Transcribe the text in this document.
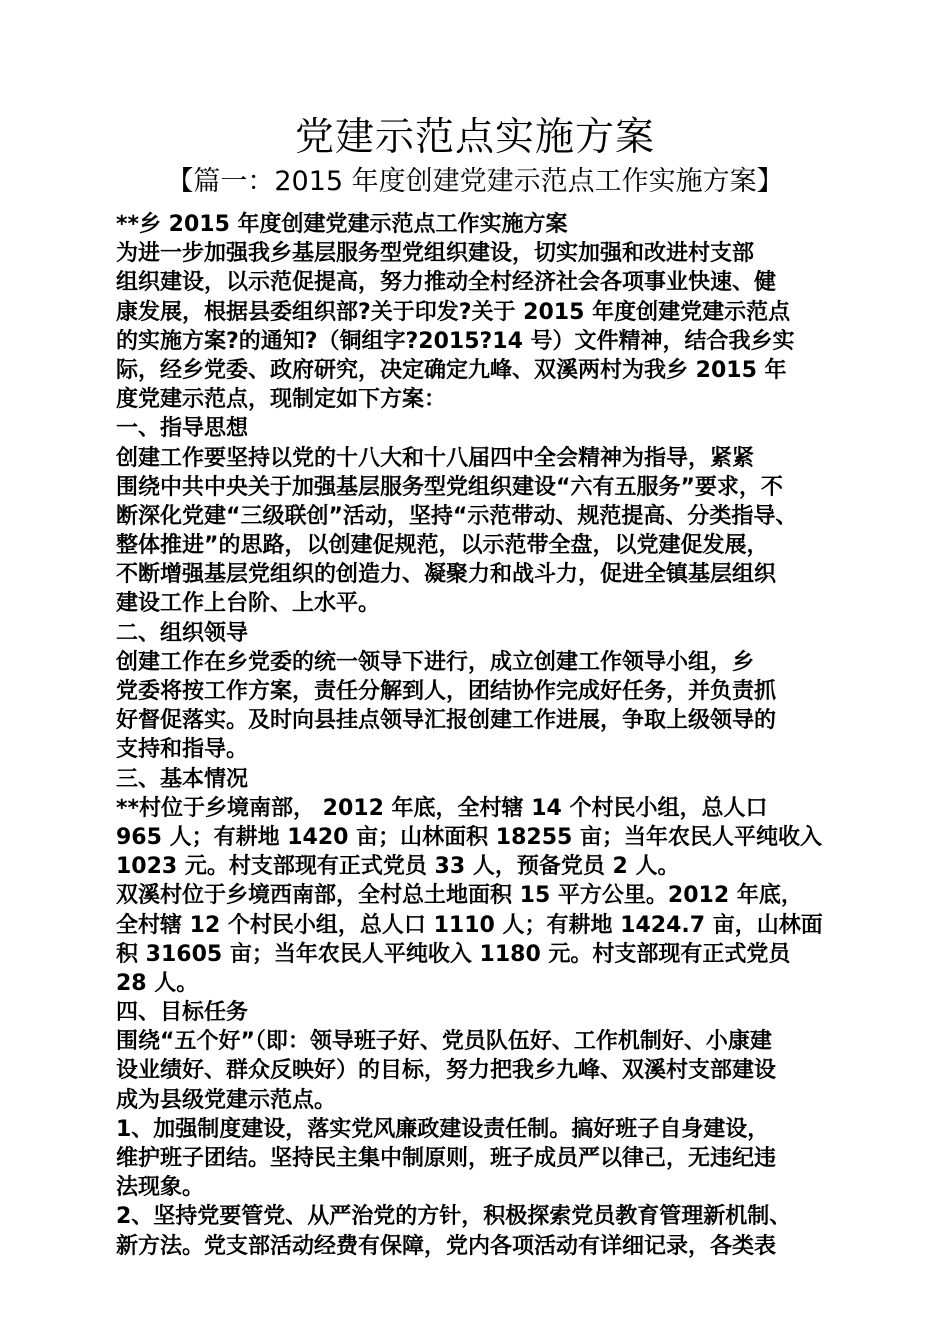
党建示范点实施方案
【篇一：2015 年度创建党建示范点工作实施方案】
**乡 2015 年度创建党建示范点工作实施方案
为进一步加强我乡基层服务型党组织建设，切实加强和改进村支部
组织建设，以示范促提高，努力推动全村经济社会各项事业快速、健
康发展，根据县委组织部?关于印发?关于 2015 年度创建党建示范点
的实施方案?的通知?（铜组字?2015?14 号）文件精神，结合我乡实
际，经乡党委、政府研究，决定确定九峰、双溪两村为我乡 2015 年
度党建示范点，现制定如下方案：
一、指导思想
创建工作要坚持以党的十八大和十八届四中全会精神为指导，紧紧
围绕中共中央关于加强基层服务型党组织建设“六有五服务”要求，不
断深化党建“三级联创”活动，坚持“示范带动、规范提高、分类指导、
整体推进”的思路，以创建促规范，以示范带全盘，以党建促发展，
不断增强基层党组织的创造力、凝聚力和战斗力，促进全镇基层组织
建设工作上台阶、上水平。
二、组织领导
创建工作在乡党委的统一领导下进行，成立创建工作领导小组，乡
党委将按工作方案，责任分解到人，团结协作完成好任务，并负责抓
好督促落实。及时向县挂点领导汇报创建工作进展，争取上级领导的
支持和指导。
三、基本情况
**村位于乡境南部， 2012 年底，全村辖 14 个村民小组，总人口
965 人；有耕地 1420 亩；山林面积 18255 亩；当年农民人平纯收入
1023 元。村支部现有正式党员 33 人，预备党员 2 人。
双溪村位于乡境西南部，全村总土地面积 15 平方公里。2012 年底，
全村辖 12 个村民小组，总人口 1110 人；有耕地 1424.7 亩，山林面
积 31605 亩；当年农民人平纯收入 1180 元。村支部现有正式党员
28 人。
四、目标任务
围绕“五个好”（即：领导班子好、党员队伍好、工作机制好、小康建
设业绩好、群众反映好）的目标，努力把我乡九峰、双溪村支部建设
成为县级党建示范点。
1、加强制度建设，落实党风廉政建设责任制。搞好班子自身建设，
维护班子团结。坚持民主集中制原则，班子成员严以律己，无违纪违
法现象。
2、坚持党要管党、从严治党的方针，积极探索党员教育管理新机制、
新方法。党支部活动经费有保障，党内各项活动有详细记录，各类表
